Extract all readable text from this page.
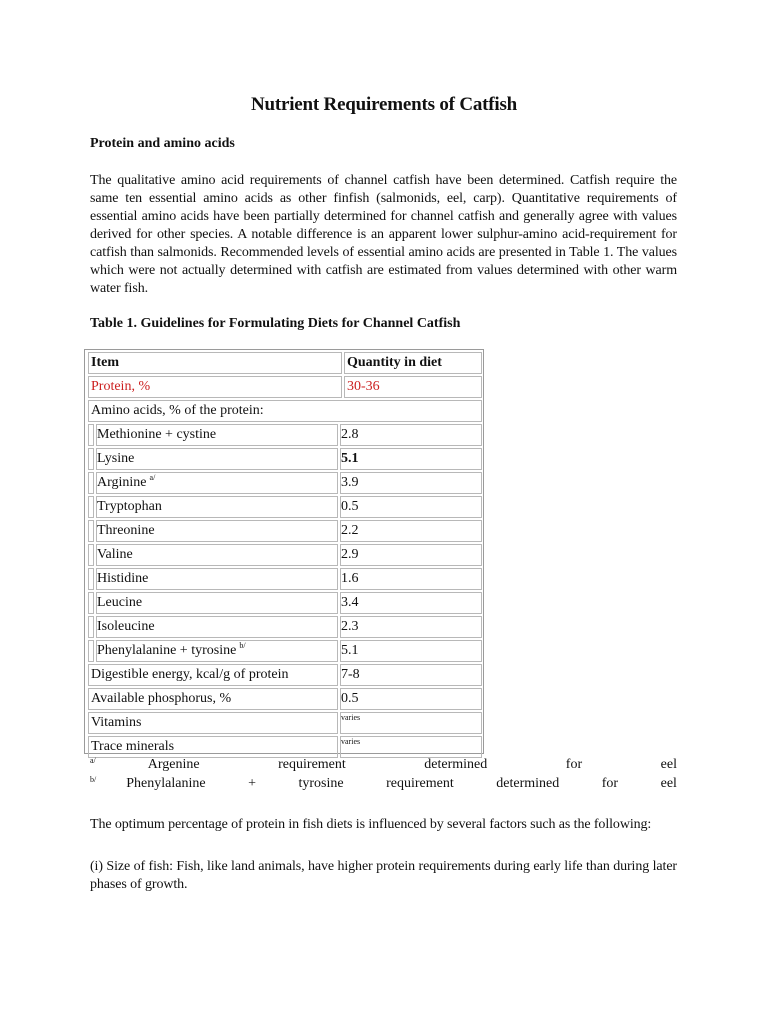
Nutrient Requirements of Catfish
Protein and amino acids
The qualitative amino acid requirements of channel catfish have been determined. Catfish require the same ten essential amino acids as other finfish (salmonids, eel, carp). Quantitative requirements of essential amino acids have been partially determined for channel catfish and generally agree with values derived for other species. A notable difference is an apparent lower sulphur-amino acid-requirement for catfish than salmonids. Recommended levels of essential amino acids are presented in Table 1. The values which were not actually determined with catfish are estimated from values determined with other warm water fish.
Table 1. Guidelines for Formulating Diets for Channel Catfish
Item	Quantity in diet
Protein, %	30-36
Amino acids, % of the protein:
Methionine + cystine	2.8
Lysine	5.1
Arginine $^{a/}$	3.9
Tryptophan	0.5
Threonine	2.2
Valine	2.9
Histidine	1.6
Leucine	3.4
Isoleucine	2.3
Phenylalanine + tyrosine $^{b/}$	5.1
Digestible energy, kcal/g of protein	7-8
Available phosphorus, %	0.5
Vitamins	varies
Trace minerals	varies
$^{a/}$	Argenine	requirement	determined	for	eel
$^{b/}$ Phenylalanine	+	tyrosine	requirement	determined	for	eel
The optimum percentage of protein in fish diets is influenced by several factors such as the following:
(i) Size of fish: Fish, like land animals, have higher protein requirements during early life than during later phases of growth.
